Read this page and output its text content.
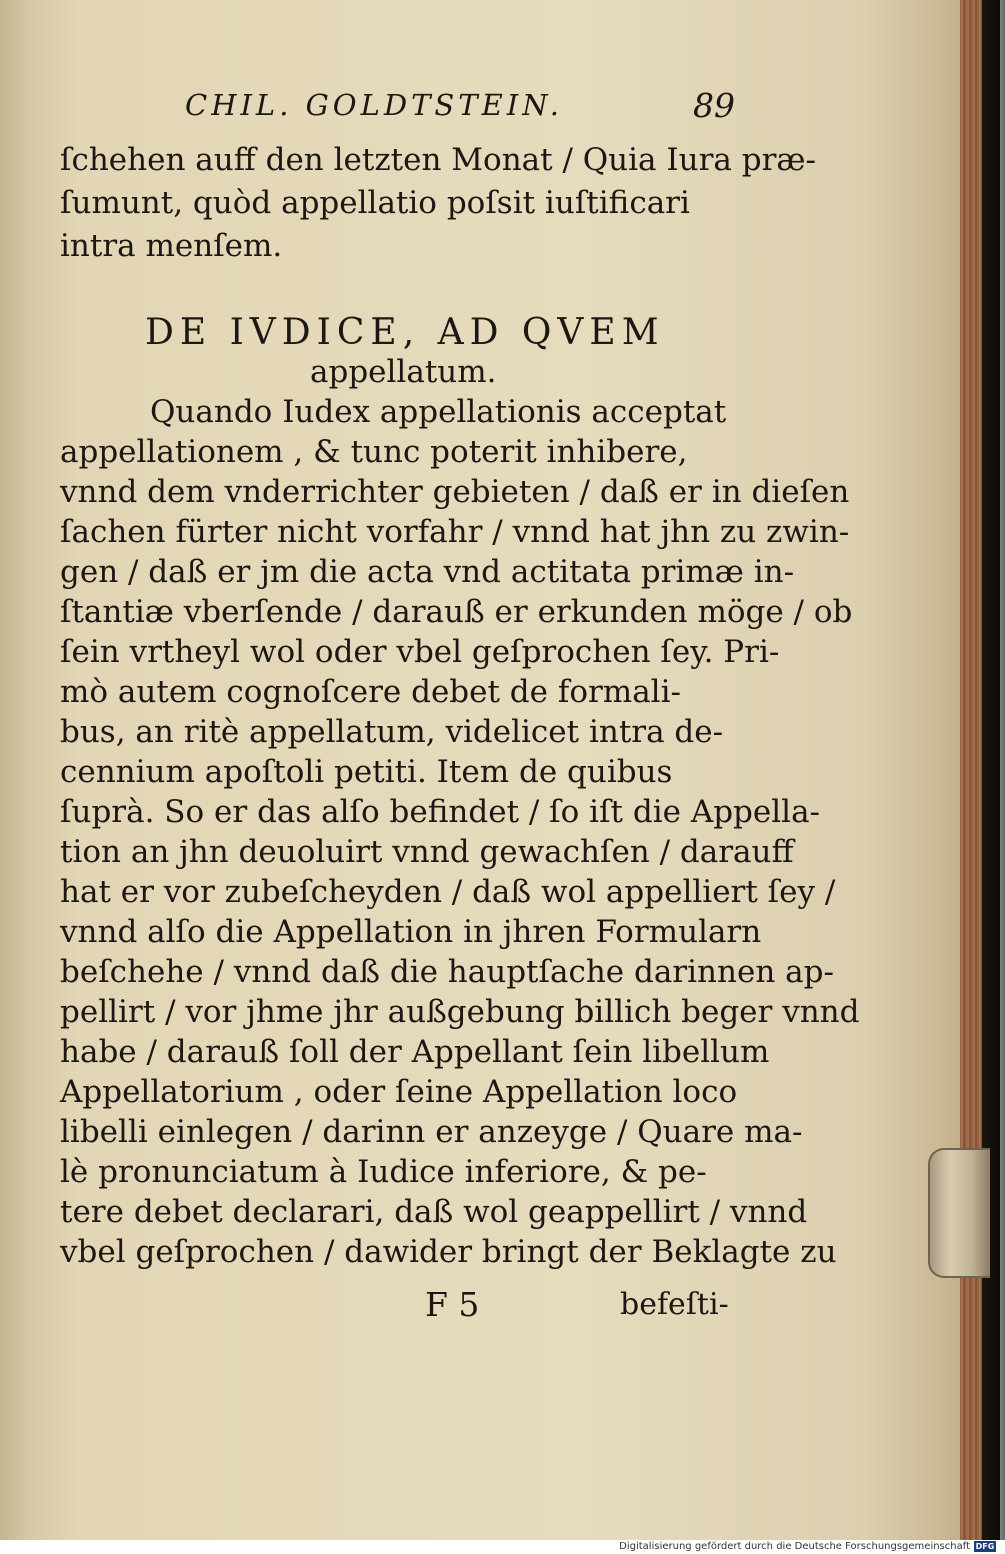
CHIL. GOLDTSTEIN.	89
ſchehen auff den letzten Monat / Quia Iura præ-
ſumunt, quòd appellatio poſsit iuſtificari
intra menſem.
DE IVDICE, AD QVEM
appellatum.
Quando Iudex appellationis acceptat
appellationem , & tunc poterit inhibere,
vnnd dem vnderrichter gebieten / daß er in dieſen
ſachen fürter nicht vorfahr / vnnd hat jhn zu zwin-
gen / daß er jm die acta vnd actitata primæ in-
ſtantiæ vberſende / darauß er erkunden möge / ob
ſein vrtheyl wol oder vbel geſprochen ſey. Pri-
mò autem cognoſcere debet de formali-
bus, an ritè appellatum, videlicet intra de-
cennium apoſtoli petiti. Item de quibus
ſuprà. So er das alſo befindet / ſo iſt die Appella-
tion an jhn deuoluirt vnnd gewachſen / darauff
hat er vor zubeſcheyden / daß wol appelliert ſey /
vnnd alſo die Appellation in jhren Formularn
beſchehe / vnnd daß die hauptſache darinnen ap-
pellirt / vor jhme jhr außgebung billich beger vnnd
habe / darauß ſoll der Appellant ſein libellum
Appellatorium , oder ſeine Appellation loco
libelli einlegen / darinn er anzeyge / Quare ma-
lè pronunciatum à Iudice inferiore, & pe-
tere debet declarari, daß wol geappellirt / vnnd
vbel geſprochen / dawider bringt der Beklagte zu
F 5	befeſti-
Digitalisierung gefördert durch die Deutsche Forschungsgemeinschaft DFG
